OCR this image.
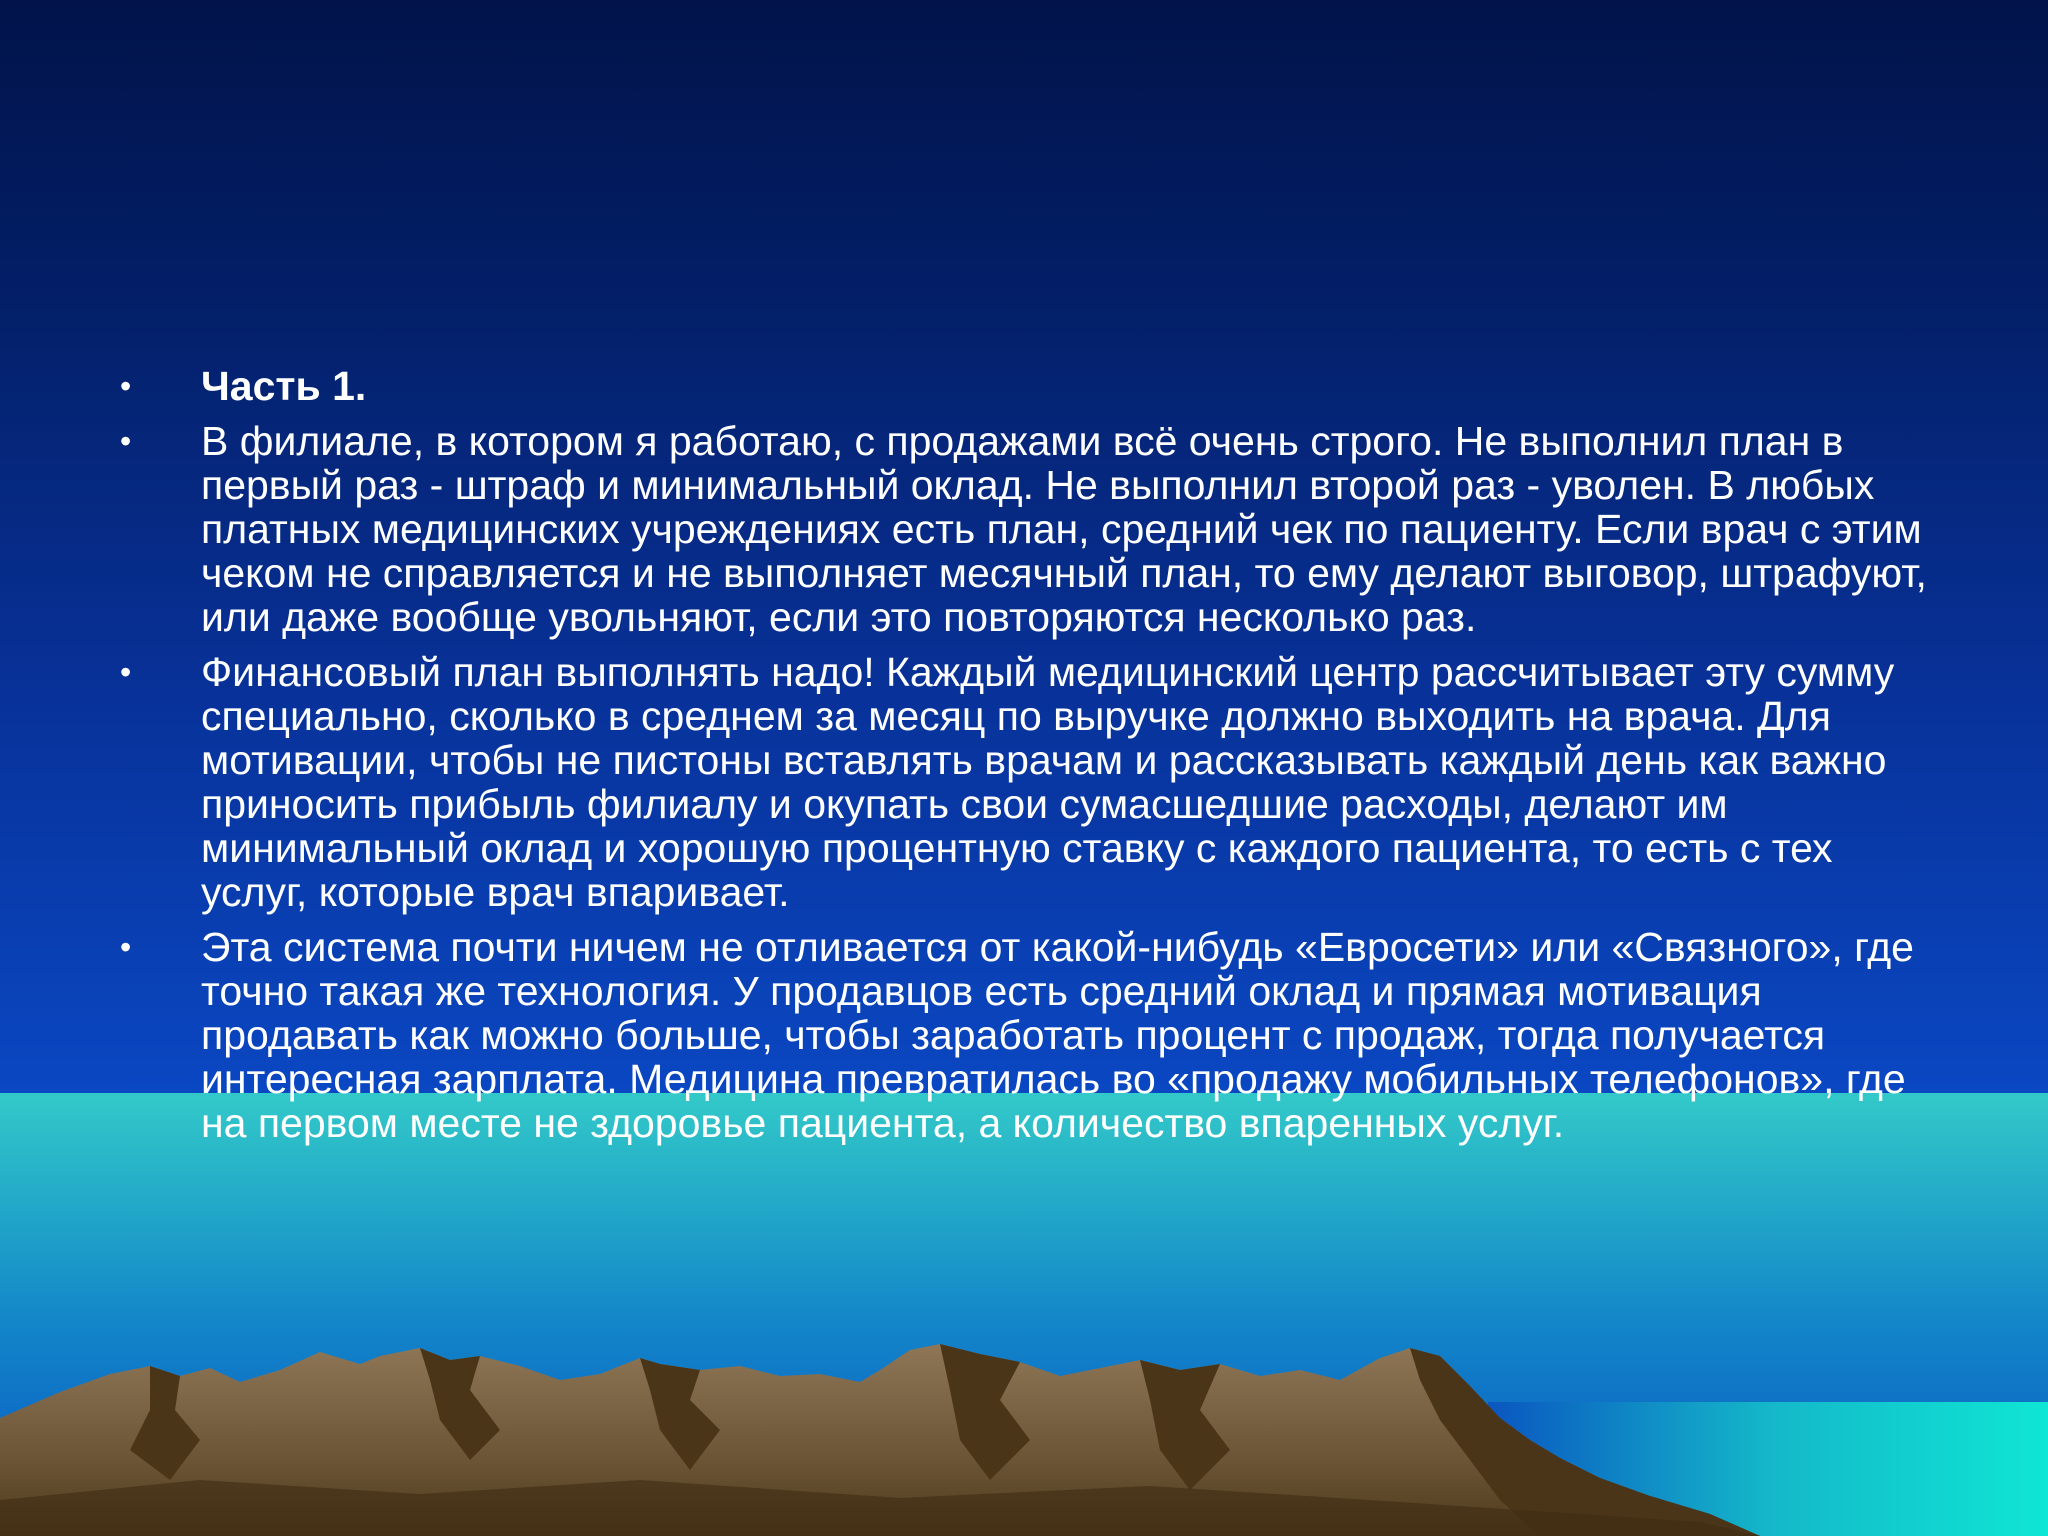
• Часть 1.
• В филиале, в котором я работаю, с продажами всё очень строго. Не выполнил план в первый раз - штраф и минимальный оклад. Не выполнил второй раз - уволен. В любых платных медицинских учреждениях есть план, средний чек по пациенту. Если врач с этим чеком не справляется и не выполняет месячный план, то ему делают выговор, штрафуют, или даже вообще увольняют, если это повторяются несколько раз.
• Финансовый план выполнять надо! Каждый медицинский центр рассчитывает эту сумму специально, сколько в среднем за месяц по выручке должно выходить на врача. Для мотивации, чтобы не пистоны вставлять врачам и рассказывать каждый день как важно приносить прибыль филиалу и окупать свои сумасшедшие расходы, делают им минимальный оклад и хорошую процентную ставку с каждого пациента, то есть с тех услуг, которые врач впаривает.
• Эта система почти ничем не отливается от какой-нибудь «Евросети» или «Связного», где точно такая же технология. У продавцов есть средний оклад и прямая мотивация продавать как можно больше, чтобы заработать процент с продаж, тогда получается интересная зарплата. Медицина превратилась во «продажу мобильных телефонов», где на первом месте не здоровье пациента, а количество впаренных услуг.
